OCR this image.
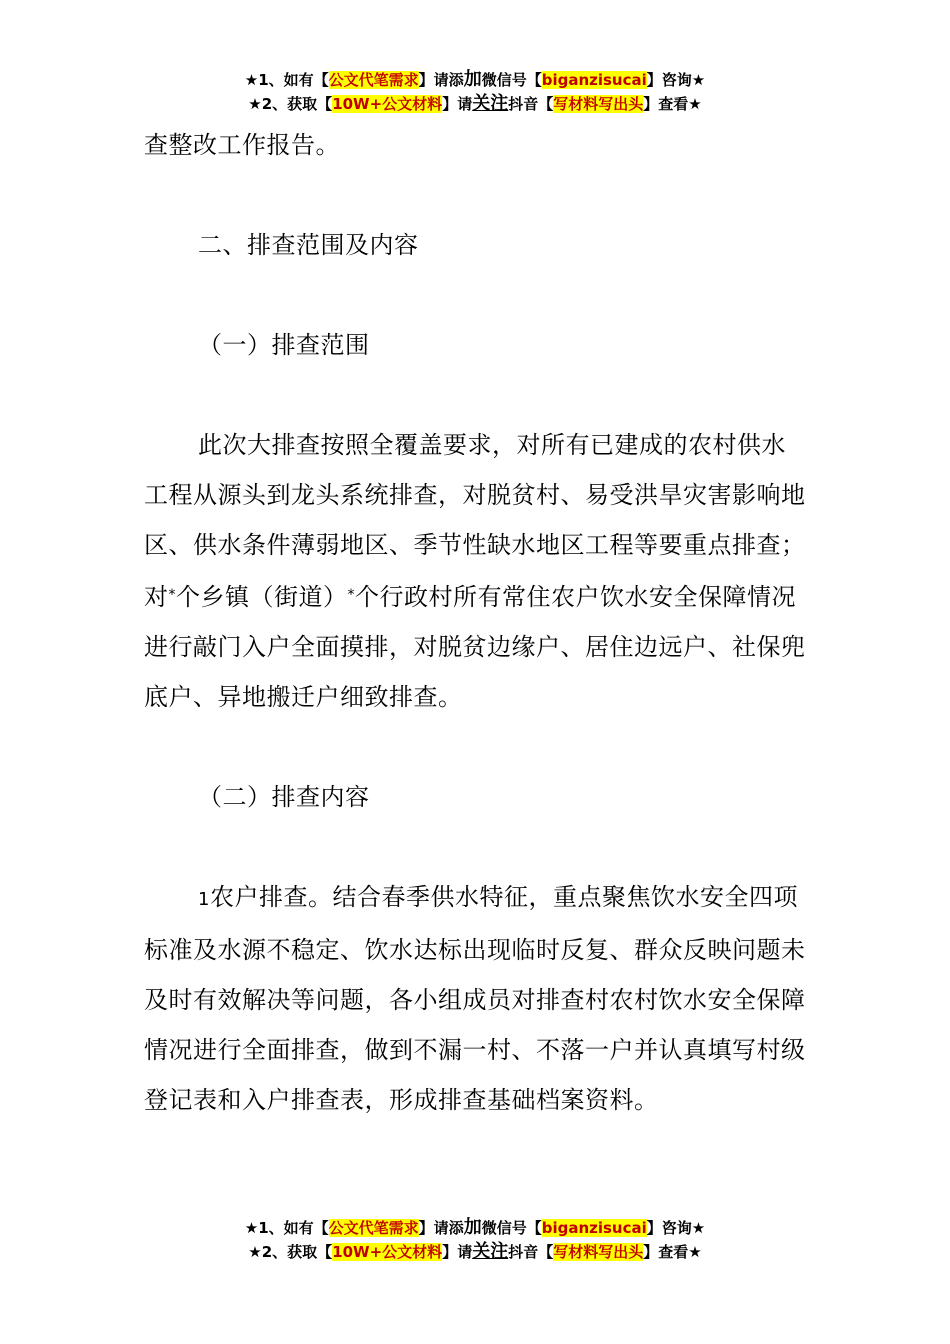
★1、如有【公文代笔需求】请添加微信号【biganzisucai】咨询★
★2、获取【10W+公文材料】请关注抖音【写材料写出头】查看★

查整改工作报告。

二、排查范围及内容

（一）排查范围

此次大排查按照全覆盖要求，对所有已建成的农村供水工程从源头到龙头系统排查，对脱贫村、易受洪旱灾害影响地区、供水条件薄弱地区、季节性缺水地区工程等要重点排查；对*个乡镇（街道）*个行政村所有常住农户饮水安全保障情况进行敲门入户全面摸排，对脱贫边缘户、居住边远户、社保兜底户、异地搬迁户细致排查。

（二）排查内容

1农户排查。结合春季供水特征，重点聚焦饮水安全四项标准及水源不稳定、饮水达标出现临时反复、群众反映问题未及时有效解决等问题，各小组成员对排查村农村饮水安全保障情况进行全面排查，做到不漏一村、不落一户并认真填写村级登记表和入户排查表，形成排查基础档案资料。

★1、如有【公文代笔需求】请添加微信号【biganzisucai】咨询★
★2、获取【10W+公文材料】请关注抖音【写材料写出头】查看★
